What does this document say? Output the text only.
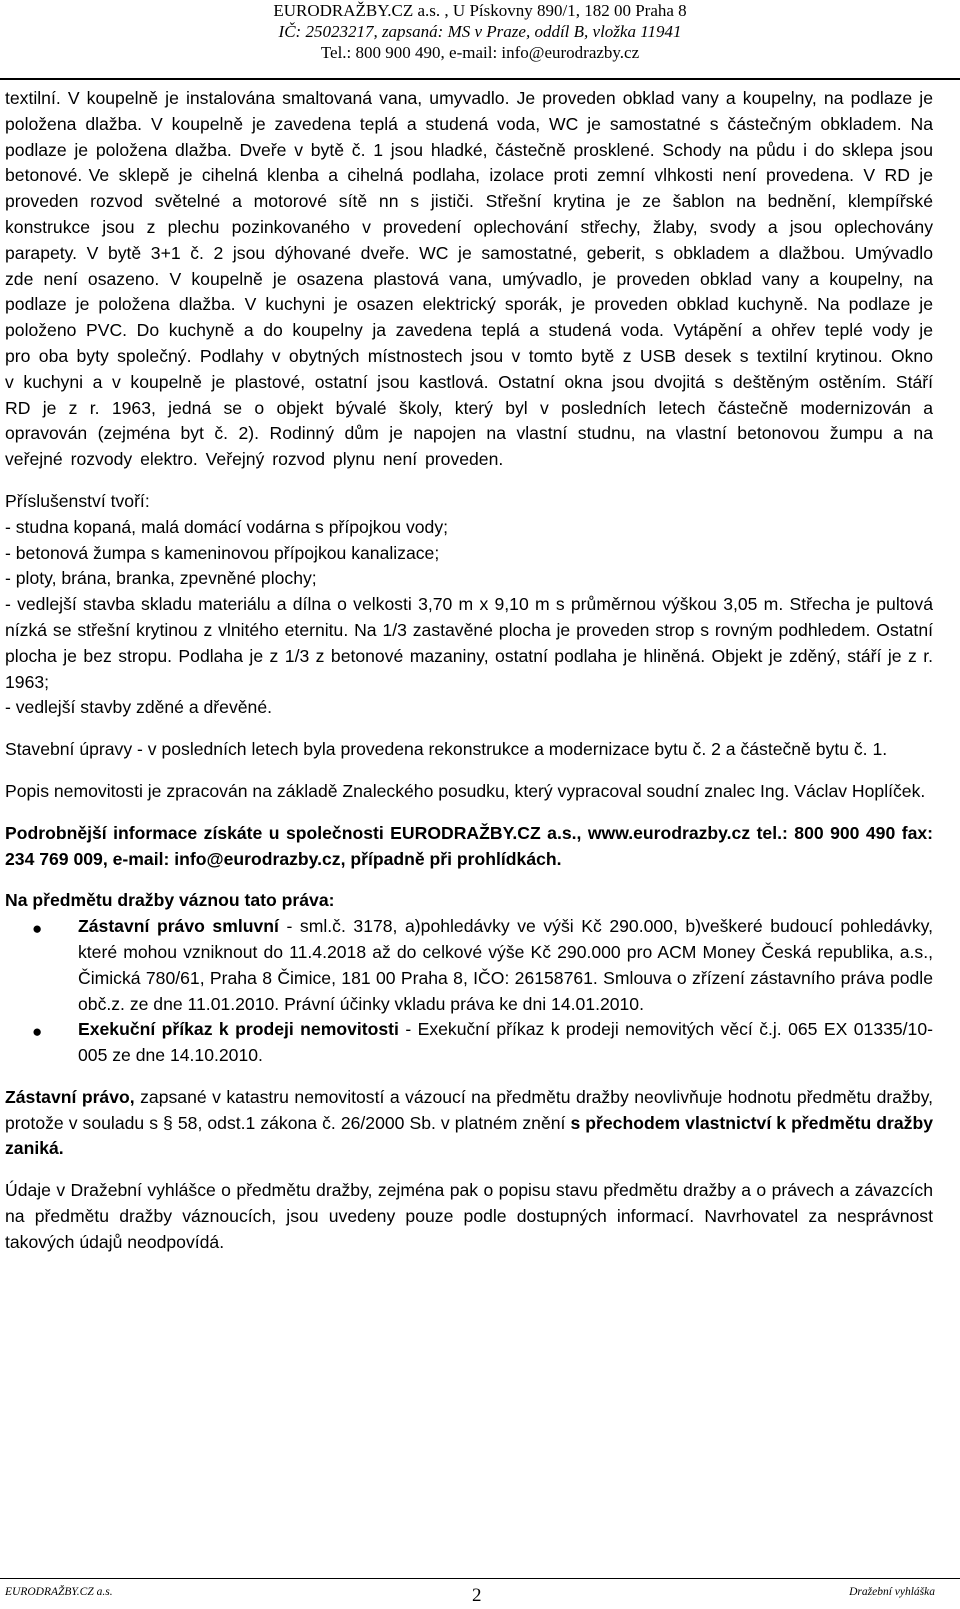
EURODRAŽBY.CZ a.s. , U Pískovny 890/1, 182 00 Praha 8
IČ: 25023217, zapsaná: MS v Praze, oddíl B, vložka 11941
Tel.: 800 900 490, e-mail: info@eurodrazby.cz

textilní. V koupelně je instalována smaltovaná vana, umyvadlo. Je proveden obklad vany a koupelny, na podlaze je položena dlažba. V koupelně je zavedena teplá a studená voda, WC je samostatné s částečným obkladem. Na podlaze je položena dlažba. Dveře v bytě č. 1 jsou hladké, částečně prosklené. Schody na půdu i do sklepa jsou betonové. Ve sklepě je cihelná klenba a cihelná podlaha, izolace proti zemní vlhkosti není provedena. V RD je proveden rozvod světelné a motorové sítě nn s jističi. Střešní krytina je ze šablon na bednění, klempířské konstrukce jsou z plechu pozinkovaného v provedení oplechování střechy, žlaby, svody a jsou oplechovány parapety. V bytě 3+1 č. 2 jsou dýhované dveře. WC je samostatné, geberit, s obkladem a dlažbou. Umývadlo zde není osazeno. V koupelně je osazena plastová vana, umývadlo, je proveden obklad vany a koupelny, na podlaze je položena dlažba. V kuchyni je osazen elektrický sporák, je proveden obklad kuchyně. Na podlaze je položeno PVC. Do kuchyně a do koupelny ja zavedena teplá a studená voda. Vytápění a ohřev teplé vody je pro oba byty společný. Podlahy v obytných místnostech jsou v tomto bytě z USB desek s textilní krytinou. Okno v kuchyni a v koupelně je plastové, ostatní jsou kastlová. Ostatní okna jsou dvojitá s deštěným ostěním. Stáří RD je z r. 1963, jedná se o objekt bývalé školy, který byl v posledních letech částečně modernizován a opravován (zejména byt č. 2). Rodinný dům je napojen na vlastní studnu, na vlastní betonovou žumpu a na veřejné rozvody elektro. Veřejný rozvod plynu není proveden.

Příslušenství tvoří:

- studna kopaná, malá domácí vodárna s přípojkou vody;
- betonová žumpa s kameninovou přípojkou kanalizace;
- ploty, brána, branka, zpevněné plochy;
- vedlejší stavba skladu materiálu a dílna o velkosti 3,70 m x 9,10 m s průměrnou výškou 3,05 m. Střecha je pultová nízká se střešní krytinou z vlnitého eternitu. Na 1/3 zastavěné plocha je proveden strop s rovným podhledem. Ostatní plocha je bez stropu. Podlaha je z 1/3 z betonové mazaniny, ostatní podlaha je hliněná. Objekt je zděný, stáří je z r. 1963;
- vedlejší stavby zděné a dřevěné.

Stavební úpravy - v posledních letech byla provedena rekonstrukce a modernizace bytu č. 2 a částečně bytu č. 1.

Popis nemovitosti je zpracován na základě Znaleckého posudku, který vypracoval soudní znalec Ing. Václav Hoplíček.

Podrobnější informace získáte u společnosti EURODRAŽBY.CZ a.s., www.eurodrazby.cz tel.: 800 900 490 fax: 234 769 009, e-mail: info@eurodrazby.cz, případně při prohlídkách.

Na předmětu dražby váznou tato práva:

● Zástavní právo smluvní - sml.č. 3178, a)pohledávky ve výši Kč 290.000, b)veškeré budoucí pohledávky, které mohou vzniknout do 11.4.2018 až do celkové výše Kč 290.000 pro ACM Money Česká republika, a.s., Čimická 780/61, Praha 8 Čimice, 181 00 Praha 8, IČO: 26158761. Smlouva o zřízení zástavního práva podle obč.z. ze dne 11.01.2010. Právní účinky vkladu práva ke dni 14.01.2010.
● Exekuční příkaz k prodeji nemovitosti - Exekuční příkaz k prodeji nemovitých věcí č.j. 065 EX 01335/10-005 ze dne 14.10.2010.

Zástavní právo, zapsané v katastru nemovitostí a vázoucí na předmětu dražby neovlivňuje hodnotu předmětu dražby, protože v souladu s § 58, odst.1 zákona č. 26/2000 Sb. v platném znění s přechodem vlastnictví k předmětu dražby zaniká.

Údaje v Dražební vyhlášce o předmětu dražby, zejména pak o popisu stavu předmětu dražby a o právech a závazcích na předmětu dražby váznoucích, jsou uvedeny pouze podle dostupných informací. Navrhovatel za nesprávnost takových údajů neodpovídá.

EURODRAŽBY.CZ a.s.	2	Dražební vyhláška
